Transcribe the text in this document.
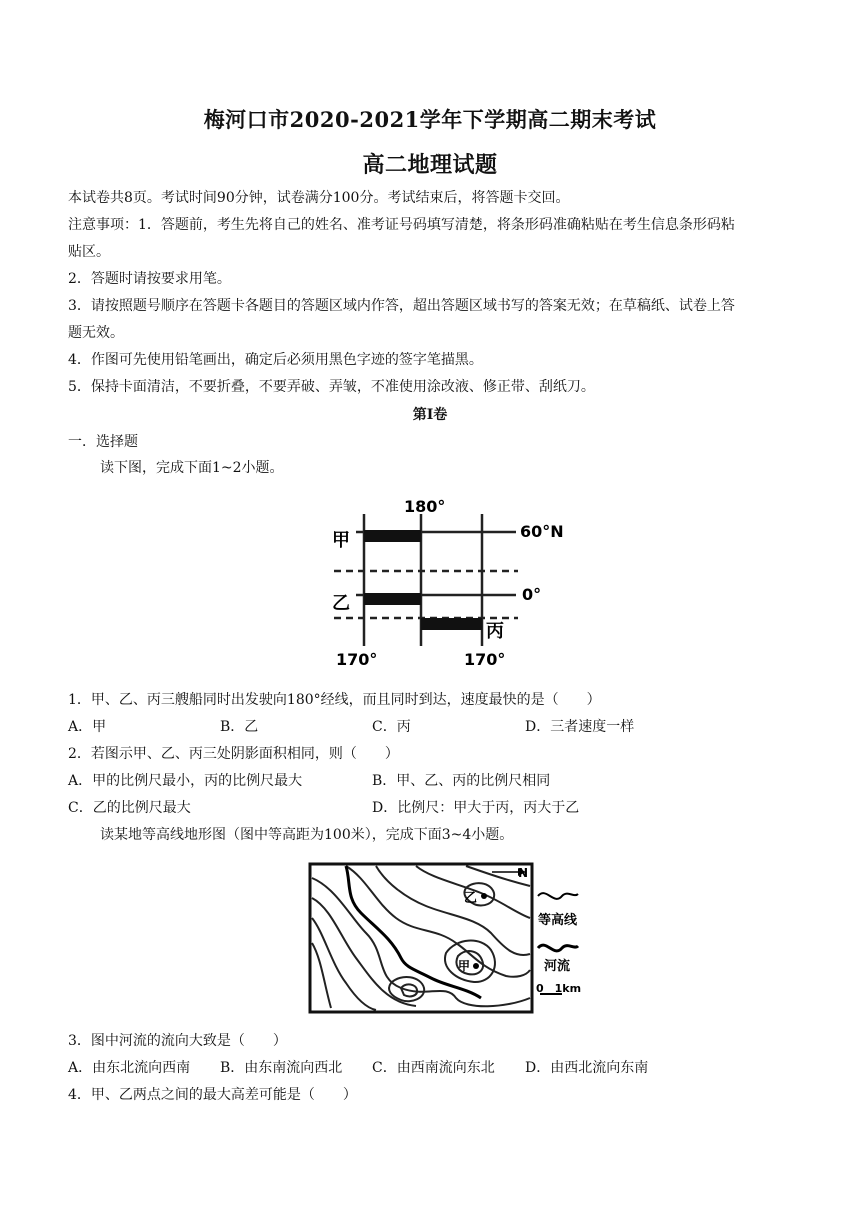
梅河口市2020-2021学年下学期高二期末考试
高二地理试题
本试卷共8页。考试时间90分钟，试卷满分100分。考试结束后，将答题卡交回。
注意事项：1．答题前，考生先将自己的姓名、准考证号码填写清楚，将条形码准确粘贴在考生信息条形码粘
贴区。
2．答题时请按要求用笔。
3．请按照题号顺序在答题卡各题目的答题区域内作答，超出答题区域书写的答案无效；在草稿纸、试卷上答
题无效。
4．作图可先使用铅笔画出，确定后必须用黑色字迹的签字笔描黑。
5．保持卡面清洁，不要折叠，不要弄破、弄皱，不准使用涂改液、修正带、刮纸刀。
第I卷
一．选择题
读下图，完成下面1~2小题。
180°
60°N
0°
170°	170°
甲
乙
丙
1．甲、乙、丙三艘船同时出发驶向180°经线，而且同时到达，速度最快的是（　　）
A．甲	B．乙	C．丙	D．三者速度一样
2．若图示甲、乙、丙三处阴影面积相同，则（　　）
A．甲的比例尺最小，丙的比例尺最大	B．甲、乙、丙的比例尺相同
C．乙的比例尺最大	D．比例尺：甲大于丙，丙大于乙
读某地等高线地形图（图中等高距为100米），完成下面3~4小题。
乙
甲
N
等高线
河流
0　1km
3．图中河流的流向大致是（　　）
A．由东北流向西南 B．由东南流向西北 C．由西南流向东北 D．由西北流向东南
4．甲、乙两点之间的最大高差可能是（　　）
